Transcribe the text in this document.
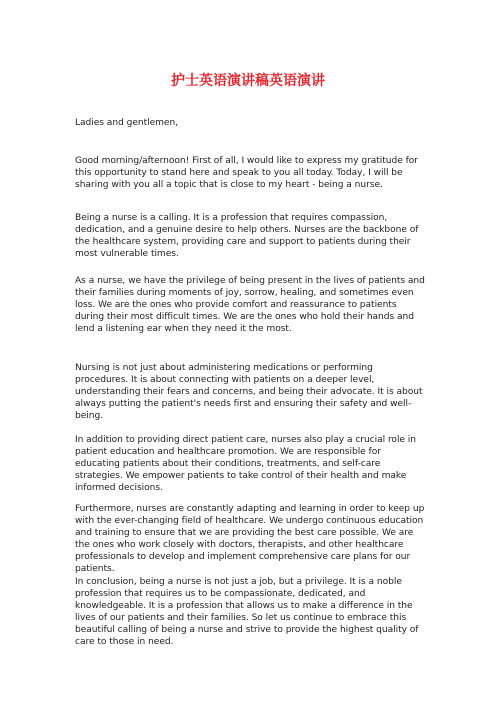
护士英语演讲稿英语演讲
Ladies and gentlemen,
Good morning/afternoon! First of all, I would like to express my gratitude for this opportunity to stand here and speak to you all today. Today, I will be sharing with you all a topic that is close to my heart - being a nurse.
Being a nurse is a calling. It is a profession that requires compassion, dedication, and a genuine desire to help others. Nurses are the backbone of the healthcare system, providing care and support to patients during their most vulnerable times.
As a nurse, we have the privilege of being present in the lives of patients and their families during moments of joy, sorrow, healing, and sometimes even loss. We are the ones who provide comfort and reassurance to patients during their most difficult times. We are the ones who hold their hands and lend a listening ear when they need it the most.
Nursing is not just about administering medications or performing procedures. It is about connecting with patients on a deeper level, understanding their fears and concerns, and being their advocate. It is about always putting the patient's needs first and ensuring their safety and well-being.
In addition to providing direct patient care, nurses also play a crucial role in patient education and healthcare promotion. We are responsible for educating patients about their conditions, treatments, and self-care strategies. We empower patients to take control of their health and make informed decisions.
Furthermore, nurses are constantly adapting and learning in order to keep up with the ever-changing field of healthcare. We undergo continuous education and training to ensure that we are providing the best care possible. We are the ones who work closely with doctors, therapists, and other healthcare professionals to develop and implement comprehensive care plans for our patients.
In conclusion, being a nurse is not just a job, but a privilege. It is a noble profession that requires us to be compassionate, dedicated, and knowledgeable. It is a profession that allows us to make a difference in the lives of our patients and their families. So let us continue to embrace this beautiful calling of being a nurse and strive to provide the highest quality of care to those in need.
